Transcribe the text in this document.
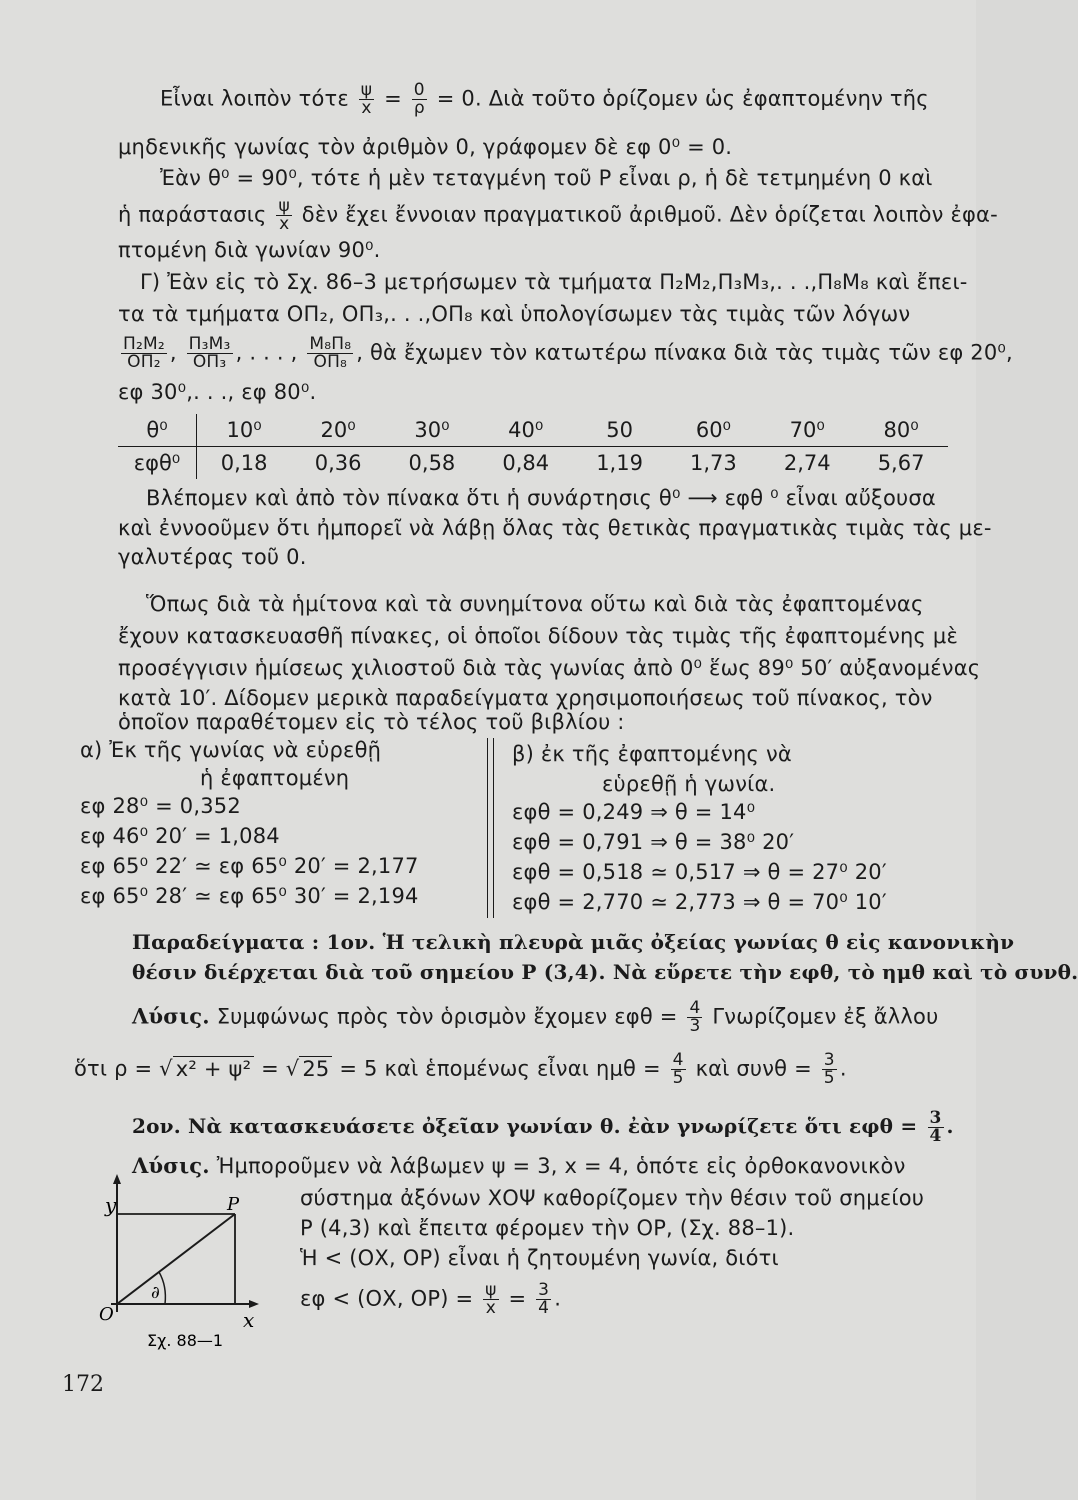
Εἶναι λοιπὸν τότε $\frac{\psi}{x} = \frac{0}{\rho} = 0$. Διὰ τοῦτο ὁρίζομεν ὡς ἐφαπτομένην τῆς
μηδενικῆς γωνίας τὸν ἀριθμὸν 0, γράφομεν δὲ εφ 0⁰ = 0.
Ἐὰν θ⁰ = 90⁰, τότε ἡ μὲν τεταγμένη τοῦ Ρ εἶναι ρ, ἡ δὲ τετμημένη 0 καὶ
ἡ παράστασις $\frac{\psi}{x}$ δὲν ἔχει ἔννοιαν πραγματικοῦ ἀριθμοῦ. Δὲν ὁρίζεται λοιπὸν ἐφα-
πτομένη διὰ γωνίαν 90⁰.
Γ) Ἐὰν εἰς τὸ Σχ. 86–3 μετρήσωμεν τὰ τμήματα Π₂Μ₂,Π₃Μ₃,. . .,Π₈Μ₈ καὶ ἔπει-
τα τὰ τμήματα ΟΠ₂, ΟΠ₃,. . .,ΟΠ₈ καὶ ὑπολογίσωμεν τὰς τιμὰς τῶν λόγων
$\frac{\text{Π₂Μ₂}}{\text{ΟΠ₂}}$ , $\frac{\text{Π₃Μ₃}}{\text{ΟΠ₃}}$ , . . . , $\frac{\text{Μ₈Π₈}}{\text{ΟΠ₈}}$ , θὰ ἔχωμεν τὸν κατωτέρω πίνακα διὰ τὰς τιμὰς τῶν εφ 20⁰,
εφ 30⁰,. . ., εφ 80⁰.
θ⁰	10⁰	20⁰	30⁰	40⁰	50	60⁰	70⁰	80⁰
εφθ⁰	0,18	0,36	0,58	0,84	1,19	1,73	2,74	5,67
Βλέπομεν καὶ ἀπὸ τὸν πίνακα ὅτι ἡ συνάρτησις θ⁰ ⟶ εφθ ⁰ εἶναι αὔξουσα
καὶ ἐννοοῦμεν ὅτι ἠμπορεῖ νὰ λάβῃ ὅλας τὰς θετικὰς πραγματικὰς τιμὰς τὰς με-
γαλυτέρας τοῦ 0.
Ὅπως διὰ τὰ ἡμίτονα καὶ τὰ συνημίτονα οὕτω καὶ διὰ τὰς ἐφαπτομένας
ἔχουν κατασκευασθῆ πίνακες, οἱ ὁποῖοι δίδουν τὰς τιμὰς τῆς ἐφαπτομένης μὲ
προσέγγισιν ἡμίσεως χιλιοστοῦ διὰ τὰς γωνίας ἀπὸ 0⁰ ἕως 89⁰ 50′ αὐξανομένας
κατὰ 10′. Δίδομεν μερικὰ παραδείγματα χρησιμοποιήσεως τοῦ πίνακος, τὸν
ὁποῖον παραθέτομεν εἰς τὸ τέλος τοῦ βιβλίου :
α) Ἐκ τῆς γωνίας νὰ εὑρεθῇ
ἡ ἐφαπτομένη
εφ 28⁰ = 0,352
εφ 46⁰ 20′ = 1,084
εφ 65⁰ 22′ ≃ εφ 65⁰ 20′ = 2,177
εφ 65⁰ 28′ ≃ εφ 65⁰ 30′ = 2,194
β) ἐκ τῆς ἐφαπτομένης νὰ
εὑρεθῇ ἡ γωνία.
εφθ = 0,249 ⇒ θ = 14⁰
εφθ = 0,791 ⇒ θ = 38⁰ 20′
εφθ = 0,518 ≃ 0,517 ⇒ θ = 27⁰ 20′
εφθ = 2,770 ≃ 2,773 ⇒ θ = 70⁰ 10′
Παραδείγματα : 1ον. Ἡ τελικὴ πλευρὰ μιᾶς ὀξείας γωνίας θ εἰς κανονικὴν
θέσιν διέρχεται διὰ τοῦ σημείου Ρ (3,4). Νὰ εὕρετε τὴν εφθ, τὸ ημθ καὶ τὸ συνθ.
Λύσις. Συμφώνως πρὸς τὸν ὁρισμὸν ἔχομεν $\varepsilon\varphi\theta = \frac{4}{3}$ Γνωρίζομεν ἐξ ἄλλου
ὅτι ρ = √ x² + ψ² = √ 25 = 5 καὶ ἑπομένως εἶναι $\eta\mu\theta = \frac{4}{5}$ καὶ $\sigma\upsilon\nu\theta = \frac{3}{5}$ .
2ον. Νὰ κατασκευάσετε ὀξεῖαν γωνίαν θ. ἐὰν γνωρίζετε ὅτι $\varepsilon\varphi\theta = \frac{3}{4}$ .
Λύσις. Ἠμποροῦμεν νὰ λάβωμεν ψ = 3, x = 4, ὁπότε εἰς ὀρθοκανονικὸν
σύστημα ἀξόνων ΧΟΨ καθορίζομεν τὴν θέσιν τοῦ σημείου
Ρ (4,3) καὶ ἔπειτα φέρομεν τὴν ΟΡ, (Σχ. 88–1).
Ἡ < (ΟΧ, ΟΡ) εἶναι ἡ ζητουμένη γωνία, διότι
εφ < (ΟΧ, $OP) = \frac{\psi}{x} = \frac{3}{4}$ .
y
x
O
P
∂
Σχ. 88—1
172
